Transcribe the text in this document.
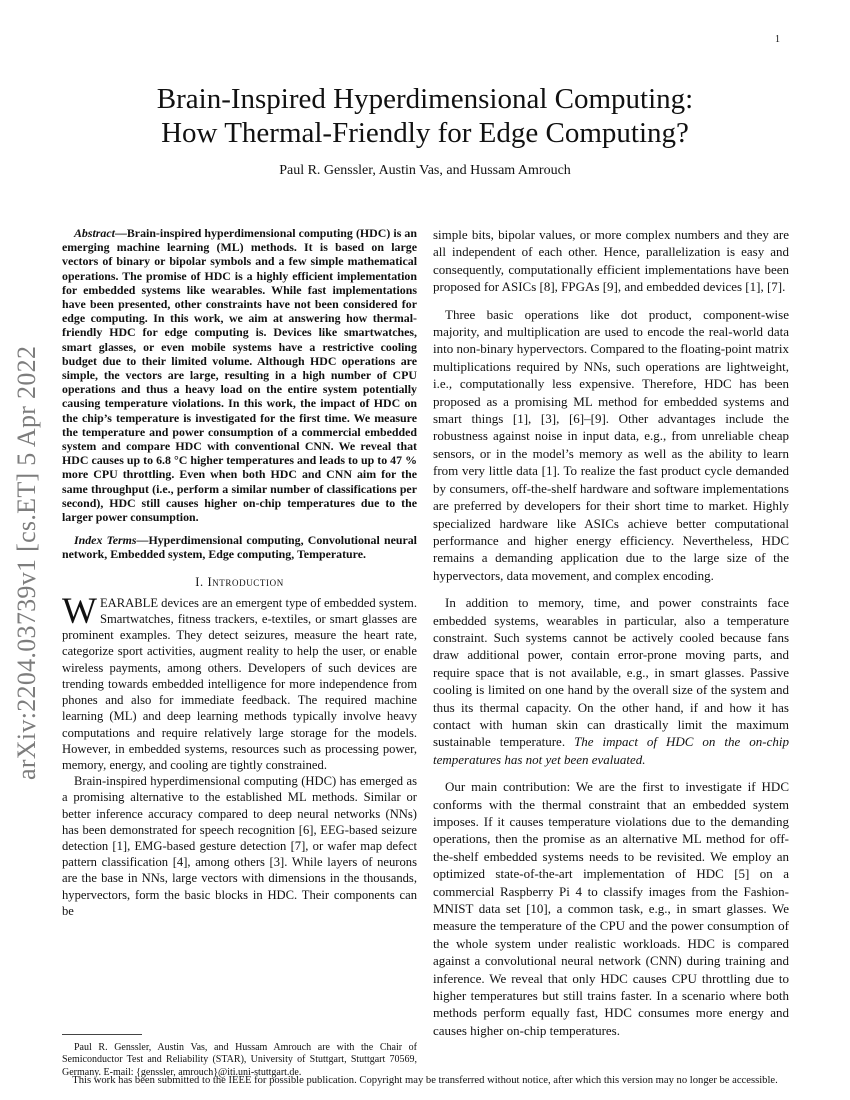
1
arXiv:2204.03739v1 [cs.ET] 5 Apr 2022
Brain-Inspired Hyperdimensional Computing:
How Thermal-Friendly for Edge Computing?
Paul R. Genssler, Austin Vas, and Hussam Amrouch

Abstract—Brain-inspired hyperdimensional computing (HDC) is an emerging machine learning (ML) methods. It is based on large vectors of binary or bipolar symbols and a few simple mathematical operations. The promise of HDC is a highly efficient implementation for embedded systems like wearables. While fast implementations have been presented, other constraints have not been considered for edge computing. In this work, we aim at answering how thermal-friendly HDC for edge computing is. Devices like smartwatches, smart glasses, or even mobile systems have a restrictive cooling budget due to their limited volume. Although HDC operations are simple, the vectors are large, resulting in a high number of CPU operations and thus a heavy load on the entire system potentially causing temperature violations. In this work, the impact of HDC on the chip’s temperature is investigated for the first time. We measure the temperature and power consumption of a commercial embedded system and compare HDC with conventional CNN. We reveal that HDC causes up to 6.8 °C higher temperatures and leads to up to 47 % more CPU throttling. Even when both HDC and CNN aim for the same throughput (i.e., perform a similar number of classifications per second), HDC still causes higher on-chip temperatures due to the larger power consumption.

Index Terms—Hyperdimensional computing, Convolutional neural network, Embedded system, Edge computing, Temperature.

I. Introduction

WEARABLE devices are an emergent type of embedded system. Smartwatches, fitness trackers, e-textiles, or smart glasses are prominent examples. They detect seizures, measure the heart rate, categorize sport activities, augment reality to help the user, or enable wireless payments, among others. Developers of such devices are trending towards embedded intelligence for more independence from phones and also for immediate feedback. The required machine learning (ML) and deep learning methods typically involve heavy computations and require relatively large storage for the models. However, in embedded systems, resources such as processing power, memory, energy, and cooling are tightly constrained.

Brain-inspired hyperdimensional computing (HDC) has emerged as a promising alternative to the established ML methods. Similar or better inference accuracy compared to deep neural networks (NNs) has been demonstrated for speech recognition [6], EEG-based seizure detection [1], EMG-based gesture detection [7], or wafer map defect pattern classification [4], among others [3]. While layers of neurons are the base in NNs, large vectors with dimensions in the thousands, hypervectors, form the basic blocks in HDC. Their components can be

simple bits, bipolar values, or more complex numbers and they are all independent of each other. Hence, parallelization is easy and consequently, computationally efficient implementations have been proposed for ASICs [8], FPGAs [9], and embedded devices [1], [7].

Three basic operations like dot product, component-wise majority, and multiplication are used to encode the real-world data into non-binary hypervectors. Compared to the floating-point matrix multiplications required by NNs, such operations are lightweight, i.e., computationally less expensive. Therefore, HDC has been proposed as a promising ML method for embedded systems and smart things [1], [3], [6]–[9]. Other advantages include the robustness against noise in input data, e.g., from unreliable cheap sensors, or in the model’s memory as well as the ability to learn from very little data [1]. To realize the fast product cycle demanded by consumers, off-the-shelf hardware and software implementations are preferred by developers for their short time to market. Highly specialized hardware like ASICs achieve better computational performance and higher energy efficiency. Nevertheless, HDC remains a demanding application due to the large size of the hypervectors, data movement, and complex encoding.

In addition to memory, time, and power constraints face embedded systems, wearables in particular, also a temperature constraint. Such systems cannot be actively cooled because fans draw additional power, contain error-prone moving parts, and require space that is not available, e.g., in smart glasses. Passive cooling is limited on one hand by the overall size of the system and thus its thermal capacity. On the other hand, if and how it has contact with human skin can drastically limit the maximum sustainable temperature. The impact of HDC on the on-chip temperatures has not yet been evaluated.

Our main contribution: We are the first to investigate if HDC conforms with the thermal constraint that an embedded system imposes. If it causes temperature violations due to the demanding operations, then the promise as an alternative ML method for off-the-shelf embedded systems needs to be revisited. We employ an optimized state-of-the-art implementation of HDC [5] on a commercial Raspberry Pi 4 to classify images from the Fashion-MNIST data set [10], a common task, e.g., in smart glasses. We measure the temperature of the CPU and the power consumption of the whole system under realistic workloads. HDC is compared against a convolutional neural network (CNN) during training and inference. We reveal that only HDC causes CPU throttling due to higher temperatures but still trains faster. In a scenario where both methods perform equally fast, HDC consumes more energy and causes higher on-chip temperatures.

Paul R. Genssler, Austin Vas, and Hussam Amrouch are with the Chair of Semiconductor Test and Reliability (STAR), University of Stuttgart, Stuttgart 70569, Germany. E-mail: {genssler, amrouch}@iti.uni-stuttgart.de.
This work has been submitted to the IEEE for possible publication. Copyright may be transferred without notice, after which this version may no longer be accessible.
